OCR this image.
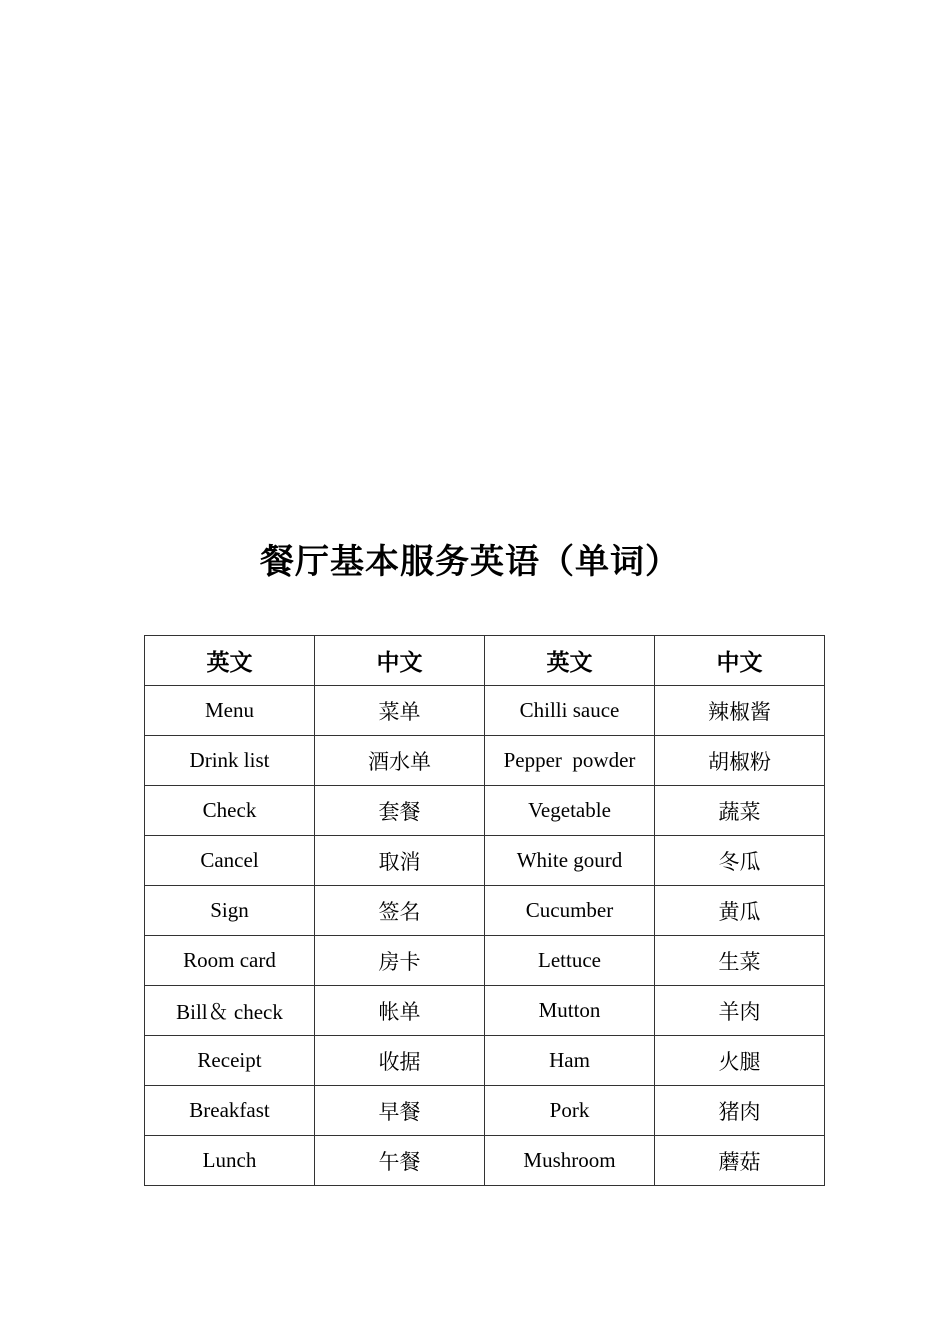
餐厅基本服务英语（单词）
英文	中文	英文	中文
Menu	菜单	Chilli sauce	辣椒酱
Drink list	酒水单	Pepper  powder	胡椒粉
Check	套餐	Vegetable	蔬菜
Cancel	取消	White gourd	冬瓜
Sign	签名	Cucumber	黄瓜
Room card	房卡	Lettuce	生菜
Bill＆ check	帐单	Mutton	羊肉
Receipt	收据	Ham	火腿
Breakfast	早餐	Pork	猪肉
Lunch	午餐	Mushroom	蘑菇
